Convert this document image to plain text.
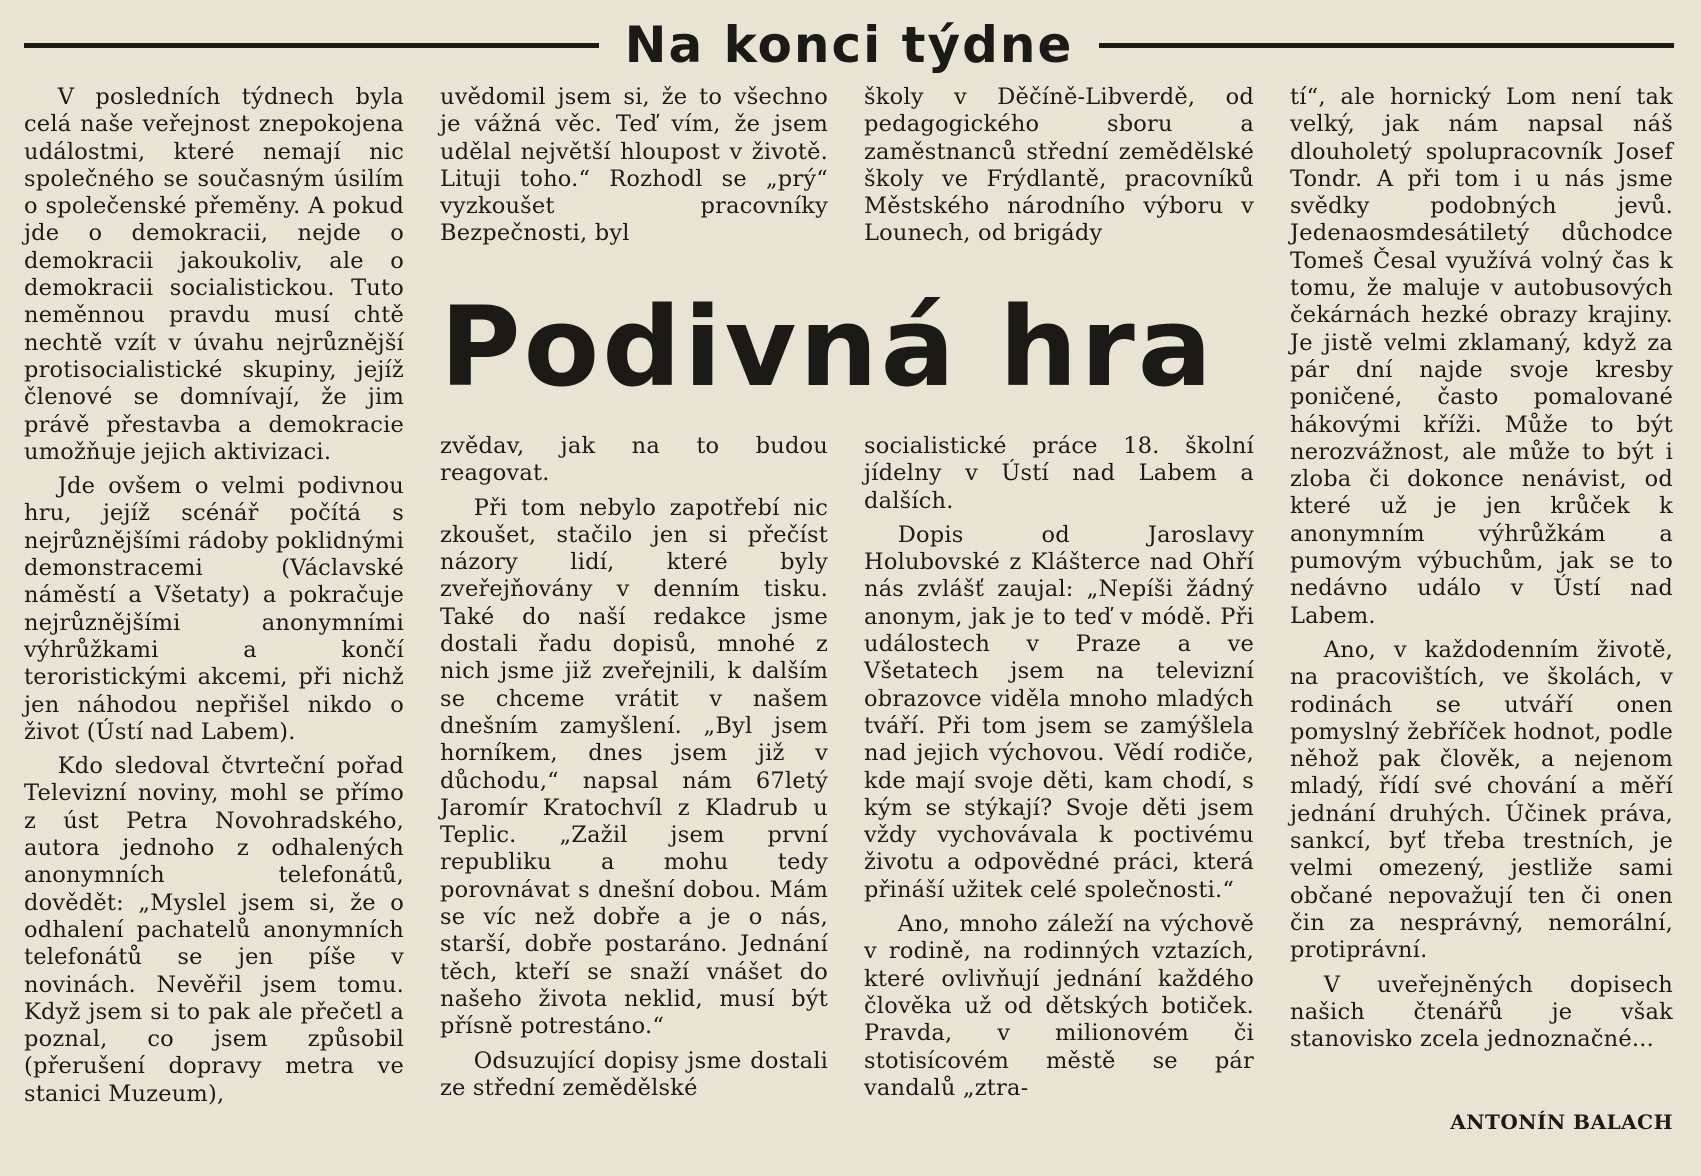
Na konci týdne

V posledních týdnech byla celá naše veřejnost znepokojena událostmi, které nemají nic společného se současným úsilím o společenské přeměny. A pokud jde o demokracii, nejde o demokracii jakoukoliv, ale o demokracii socialistickou. Tuto neměnnou pravdu musí chtě nechtě vzít v úvahu nejrůznější protisocialistické skupiny, jejíž členové se domnívají, že jim právě přestavba a demokracie umožňuje jejich aktivizaci.

Jde ovšem o velmi podivnou hru, jejíž scénář počítá s nejrůznějšími rádoby poklidnými demonstracemi (Václavské náměstí a Všetaty) a pokračuje nejrůznějšími anonymními výhrůžkami a končí teroristickými akcemi, při nichž jen náhodou nepřišel nikdo o život (Ústí nad Labem).

Kdo sledoval čtvrteční pořad Televizní noviny, mohl se přímo z úst Petra Novohradského, autora jednoho z odhalených anonymních telefonátů, dovědět: „Myslel jsem si, že o odhalení pachatelů anonymních telefonátů se jen píše v novinách. Nevěřil jsem tomu. Když jsem si to pak ale přečetl a poznal, co jsem způsobil (přerušení dopravy metra ve stanici Muzeum),

uvědomil jsem si, že to všechno je vážná věc. Teď vím, že jsem udělal největší hloupost v životě. Lituji toho.“ Rozhodl se „prý“ vyzkoušet pracovníky Bezpečnosti, byl

školy v Děčíně-Libverdě, od pedagogického sboru a zaměstnanců střední zemědělské školy ve Frýdlantě, pracovníků Městského národního výboru v Lounech, od brigády

Podivná hra

zvědav, jak na to budou reagovat.

Při tom nebylo zapotřebí nic zkoušet, stačilo jen si přečíst názory lidí, které byly zveřejňovány v denním tisku. Také do naší redakce jsme dostali řadu dopisů, mnohé z nich jsme již zveřejnili, k dalším se chceme vrátit v našem dnešním zamyšlení. „Byl jsem horníkem, dnes jsem již v důchodu,“ napsal nám 67letý Jaromír Kratochvíl z Kladrub u Teplic. „Zažil jsem první republiku a mohu tedy porovnávat s dnešní dobou. Mám se víc než dobře a je o nás, starší, dobře postaráno. Jednání těch, kteří se snaží vnášet do našeho života neklid, musí být přísně potrestáno.“

Odsuzující dopisy jsme dostali ze střední zemědělské

socialistické práce 18. školní jídelny v Ústí nad Labem a dalších.

Dopis od Jaroslavy Holubovské z Klášterce nad Ohří nás zvlášť zaujal: „Nepíši žádný anonym, jak je to teď v módě. Při událostech v Praze a ve Všetatech jsem na televizní obrazovce viděla mnoho mladých tváří. Při tom jsem se zamýšlela nad jejich výchovou. Vědí rodiče, kde mají svoje děti, kam chodí, s kým se stýkají? Svoje děti jsem vždy vychovávala k poctivému životu a odpovědné práci, která přináší užitek celé společnosti.“

Ano, mnoho záleží na výchově v rodině, na rodinných vztazích, které ovlivňují jednání každého člověka už od dětských botiček. Pravda, v milionovém či stotisícovém městě se pár vandalů „ztra-

tí“, ale hornický Lom není tak velký, jak nám napsal náš dlouholetý spolupracovník Josef Tondr. A při tom i u nás jsme svědky podobných jevů. Jedenaosmdesátiletý důchodce Tomeš Česal využívá volný čas k tomu, že maluje v autobusových čekárnách hezké obrazy krajiny. Je jistě velmi zklamaný, když za pár dní najde svoje kresby poničené, často pomalované hákovými kříži. Může to být nerozvážnost, ale může to být i zloba či dokonce nenávist, od které už je jen krůček k anonymním výhrůžkám a pumovým výbuchům, jak se to nedávno událo v Ústí nad Labem.

Ano, v každodenním životě, na pracovištích, ve školách, v rodinách se utváří onen pomyslný žebříček hodnot, podle něhož pak člověk, a nejenom mladý, řídí své chování a měří jednání druhých. Účinek práva, sankcí, byť třeba trestních, je velmi omezený, jestliže sami občané nepovažují ten či onen čin za nesprávný, nemorální, protiprávní.

V uveřejněných dopisech našich čtenářů je však stanovisko zcela jednoznačné...

ANTONÍN BALACH
